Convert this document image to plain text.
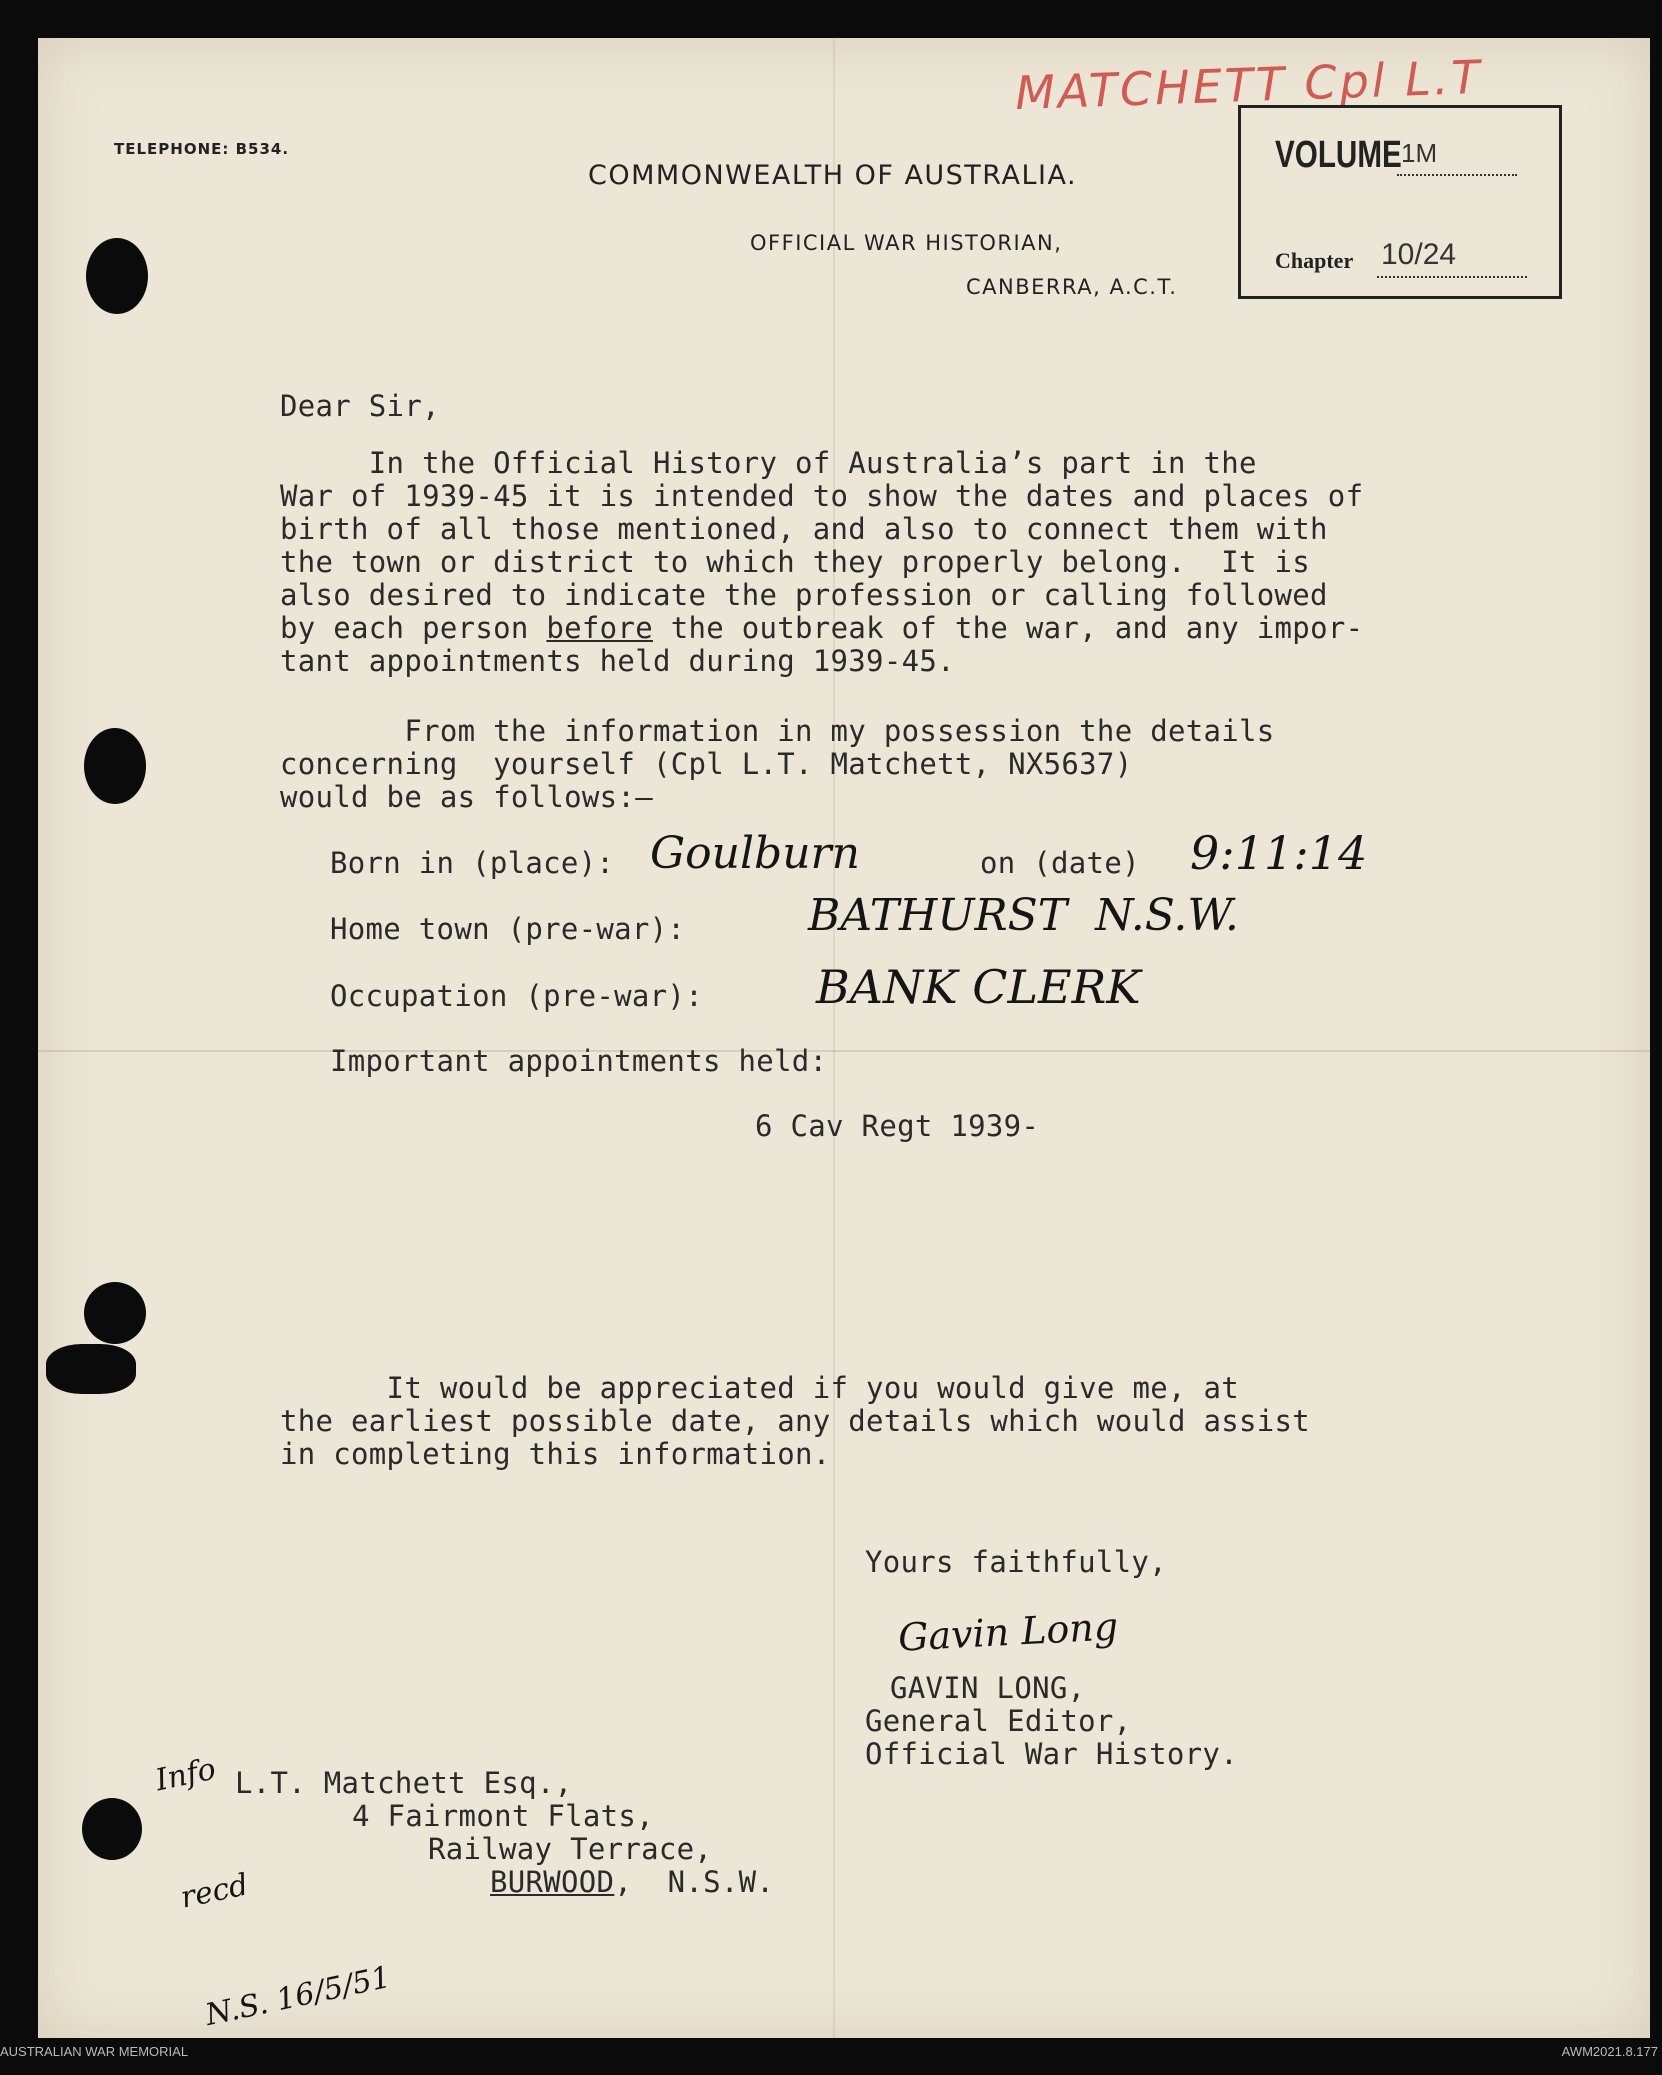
TELEPHONE: B534.
COMMONWEALTH OF AUSTRALIA.
OFFICIAL WAR HISTORIAN,
CANBERRA, A.C.T.
MATCHETT Cpl L.T
VOLUME 1M
Chapter 10/24
Dear Sir,
In the Official History of Australia’s part in the
War of 1939-45 it is intended to show the dates and places of
birth of all those mentioned, and also to connect them with
the town or district to which they properly belong.  It is
also desired to indicate the profession or calling followed
by each person before the outbreak of the war, and any impor-
tant appointments held during 1939-45.
From the information in my possession the details
concerning  yourself (Cpl L.T. Matchett, NX5637)
would be as follows:—
Born in (place): Goulburn	on (date) 9:11:14
Home town (pre-war):	BATHURST  N.S.W.
Occupation (pre-war): BANK CLERK
Important appointments held:
6 Cav Regt 1939-
It would be appreciated if you would give me, at
the earliest possible date, any details which would assist
in completing this information.
Yours faithfully,
Gavin Long
GAVIN LONG,
General Editor,
Official War History.

Info

recd

N.S. 16/5/51

L.T. Matchett Esq.,
4 Fairmont Flats,
Railway Terrace,
BURWOOD,  N.S.W.
AUSTRALIAN WAR MEMORIAL	AWM2021.8.177
